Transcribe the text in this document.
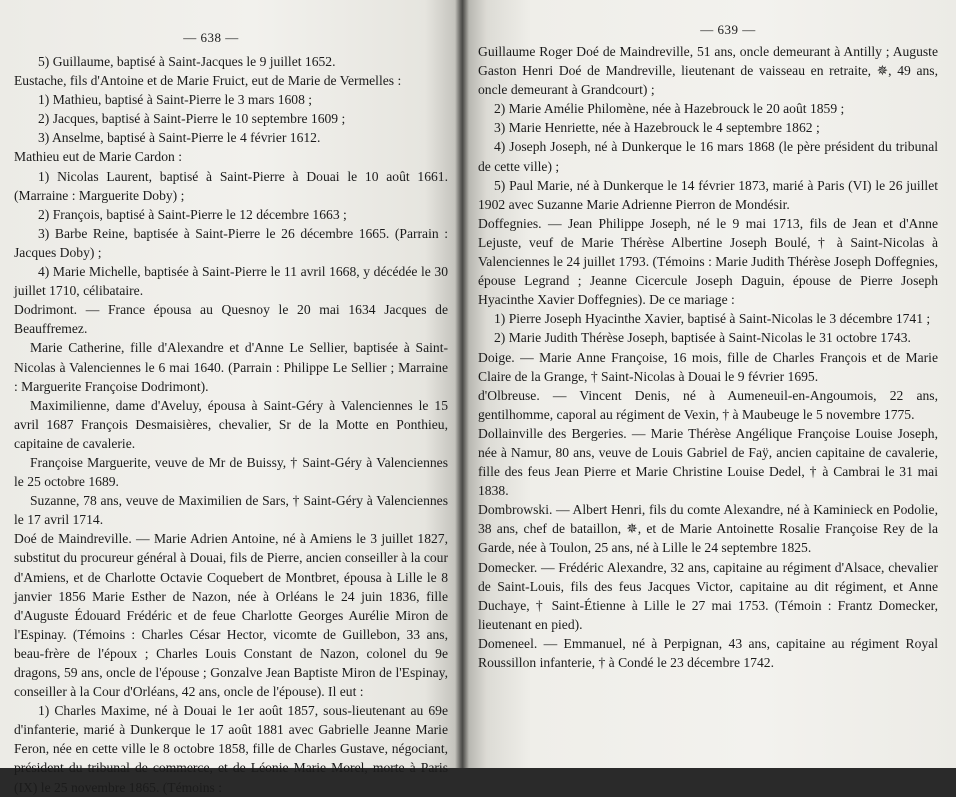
— 638 —

5) Guillaume, baptisé à Saint-Jacques le 9 juillet 1652.

Eustache, fils d'Antoine et de Marie Fruict, eut de Marie de Vermelles :

1) Mathieu, baptisé à Saint-Pierre le 3 mars 1608 ;

2) Jacques, baptisé à Saint-Pierre le 10 septembre 1609 ;

3) Anselme, baptisé à Saint-Pierre le 4 février 1612.

Mathieu eut de Marie Cardon :

1) Nicolas Laurent, baptisé à Saint-Pierre à Douai le 10 août 1661. (Marraine : Marguerite Doby) ;

2) François, baptisé à Saint-Pierre le 12 décembre 1663 ;

3) Barbe Reine, baptisée à Saint-Pierre le 26 décembre 1665. (Parrain : Jacques Doby) ;

4) Marie Michelle, baptisée à Saint-Pierre le 11 avril 1668, y décédée le 30 juillet 1710, célibataire.

Dodrimont. — France épousa au Quesnoy le 20 mai 1634 Jacques de Beauffremez.

Marie Catherine, fille d'Alexandre et d'Anne Le Sellier, baptisée à Saint-Nicolas à Valenciennes le 6 mai 1640. (Parrain : Philippe Le Sellier ; Marraine : Marguerite Françoise Dodrimont).

Maximilienne, dame d'Aveluy, épousa à Saint-Géry à Valenciennes le 15 avril 1687 François Desmaisières, chevalier, Sr de la Motte en Ponthieu, capitaine de cavalerie.

Françoise Marguerite, veuve de Mr de Buissy, † Saint-Géry à Valenciennes le 25 octobre 1689.

Suzanne, 78 ans, veuve de Maximilien de Sars, † Saint-Géry à Valenciennes le 17 avril 1714.

Doé de Maindreville. — Marie Adrien Antoine, né à Amiens le 3 juillet 1827, substitut du procureur général à Douai, fils de Pierre, ancien conseiller à la cour d'Amiens, et de Charlotte Octavie Coquebert de Montbret, épousa à Lille le 8 janvier 1856 Marie Esther de Nazon, née à Orléans le 24 juin 1836, fille d'Auguste Édouard Frédéric et de feue Charlotte Georges Aurélie Miron de l'Espinay. (Témoins : Charles César Hector, vicomte de Guillebon, 33 ans, beau-frère de l'époux ; Charles Louis Constant de Nazon, colonel du 9e dragons, 59 ans, oncle de l'épouse ; Gonzalve Jean Baptiste Miron de l'Espinay, conseiller à la Cour d'Orléans, 42 ans, oncle de l'épouse). Il eut :

1) Charles Maxime, né à Douai le 1er août 1857, sous-lieutenant au 69e d'infanterie, marié à Dunkerque le 17 août 1881 avec Gabrielle Jeanne Marie Feron, née en cette ville le 8 octobre 1858, fille de Charles Gustave, négociant, président du tribunal de commerce, et de Léonie Marie Morel, morte à Paris (IX) le 25 novembre 1865. (Témoins :

— 639 —

Guillaume Roger Doé de Maindreville, 51 ans, oncle demeurant à Antilly ; Auguste Gaston Henri Doé de Mandreville, lieutenant de vaisseau en retraite, ✵, 49 ans, oncle demeurant à Grandcourt) ;

2) Marie Amélie Philomène, née à Hazebrouck le 20 août 1859 ;

3) Marie Henriette, née à Hazebrouck le 4 septembre 1862 ;

4) Joseph Joseph, né à Dunkerque le 16 mars 1868 (le père président du tribunal de cette ville) ;

5) Paul Marie, né à Dunkerque le 14 février 1873, marié à Paris (VI) le 26 juillet 1902 avec Suzanne Marie Adrienne Pierron de Mondésir.

Doffegnies. — Jean Philippe Joseph, né le 9 mai 1713, fils de Jean et d'Anne Lejuste, veuf de Marie Thérèse Albertine Joseph Boulé, † à Saint-Nicolas à Valenciennes le 24 juillet 1793. (Témoins : Marie Judith Thérèse Joseph Doffegnies, épouse Legrand ; Jeanne Cicercule Joseph Daguin, épouse de Pierre Joseph Hyacinthe Xavier Doffegnies). De ce mariage :

1) Pierre Joseph Hyacinthe Xavier, baptisé à Saint-Nicolas le 3 décembre 1741 ;

2) Marie Judith Thérèse Joseph, baptisée à Saint-Nicolas le 31 octobre 1743.

Doige. — Marie Anne Françoise, 16 mois, fille de Charles François et de Marie Claire de la Grange, † Saint-Nicolas à Douai le 9 février 1695.

d'Olbreuse. — Vincent Denis, né à Aumeneuil-en-Angoumois, 22 ans, gentilhomme, caporal au régiment de Vexin, † à Maubeuge le 5 novembre 1775.

Dollainville des Bergeries. — Marie Thérèse Angélique Françoise Louise Joseph, née à Namur, 80 ans, veuve de Louis Gabriel de Faÿ, ancien capitaine de cavalerie, fille des feus Jean Pierre et Marie Christine Louise Dedel, † à Cambrai le 31 mai 1838.

Dombrowski. — Albert Henri, fils du comte Alexandre, né à Kaminieck en Podolie, 38 ans, chef de bataillon, ✵, et de Marie Antoinette Rosalie Françoise Rey de la Garde, née à Toulon, 25 ans, né à Lille le 24 septembre 1825.

Domecker. — Frédéric Alexandre, 32 ans, capitaine au régiment d'Alsace, chevalier de Saint-Louis, fils des feus Jacques Victor, capitaine au dit régiment, et Anne Duchaye, † Saint-Étienne à Lille le 27 mai 1753. (Témoin : Frantz Domecker, lieutenant en pied).

Domeneel. — Emmanuel, né à Perpignan, 43 ans, capitaine au régiment Royal Roussillon infanterie, † à Condé le 23 décembre 1742.
